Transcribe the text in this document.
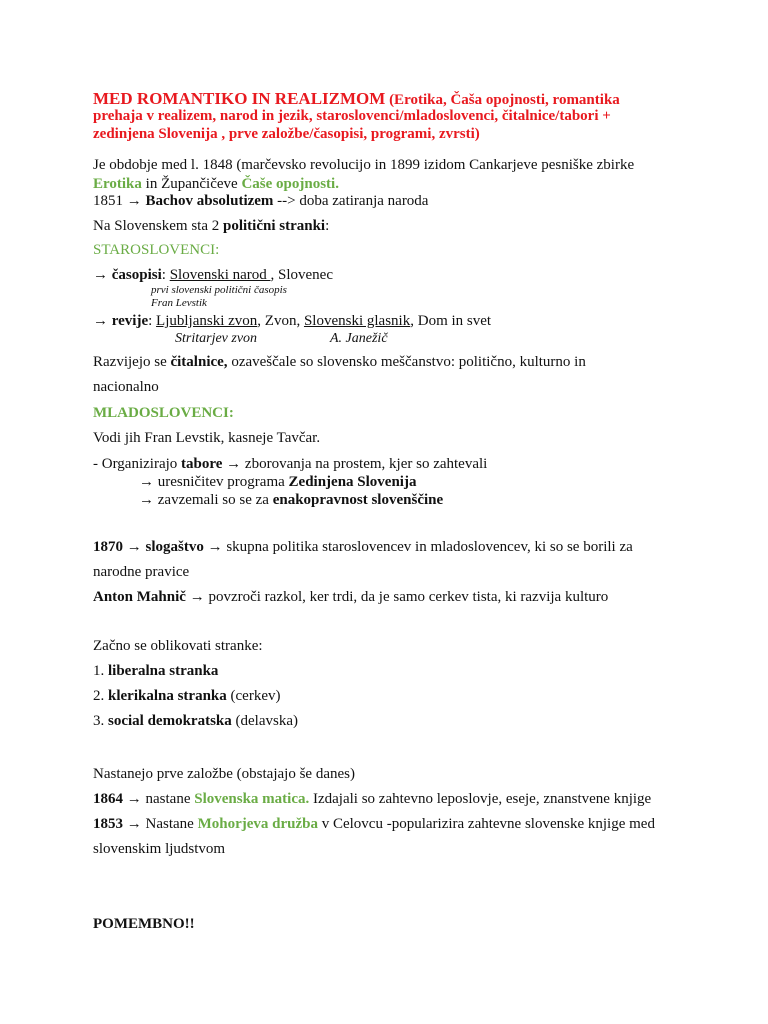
MED ROMANTIKO IN REALIZMOM (Erotika, Čaša opojnosti, romantika
prehaja v realizem, narod in jezik, staroslovenci/mladoslovenci, čitalnice/tabori +
zedinjena Slovenija , prve založbe/časopisi, programi, zvrsti)
Je obdobje med l. 1848 (marčevsko revolucijo in 1899 izidom Cankarjeve pesniške zbirke
Erotika in Župančičeve Čaše opojnosti.
1851 → Bachov absolutizem --> doba zatiranja naroda
Na Slovenskem sta 2 politični stranki:
STAROSLOVENCI:
→ časopisi: Slovenski narod , Slovenec
prvi slovenski politični časopis
Fran Levstik
→ revije: Ljubljanski zvon, Zvon, Slovenski glasnik, Dom in svet
Stritarjev zvon	A. Janežič
Razvijejo se čitalnice, ozaveščale so slovensko meščanstvo: politično, kulturno in
nacionalno
MLADOSLOVENCI:
Vodi jih Fran Levstik, kasneje Tavčar.
- Organizirajo tabore → zborovanja na prostem, kjer so zahtevali
→ uresničitev programa Zedinjena Slovenija
→ zavzemali so se za enakopravnost slovenščine
1870 → slogaštvo → skupna politika staroslovencev in mladoslovencev, ki so se borili za
narodne pravice
Anton Mahnič → povzroči razkol, ker trdi, da je samo cerkev tista, ki razvija kulturo
Začno se oblikovati stranke:
1. liberalna stranka
2. klerikalna stranka (cerkev)
3. social demokratska (delavska)
Nastanejo prve založbe (obstajajo še danes)
1864 → nastane Slovenska matica. Izdajali so zahtevno leposlovje, eseje, znanstvene knjige
1853 → Nastane Mohorjeva družba v Celovcu -popularizira zahtevne slovenske knjige med
slovenskim ljudstvom
POMEMBNO!!
